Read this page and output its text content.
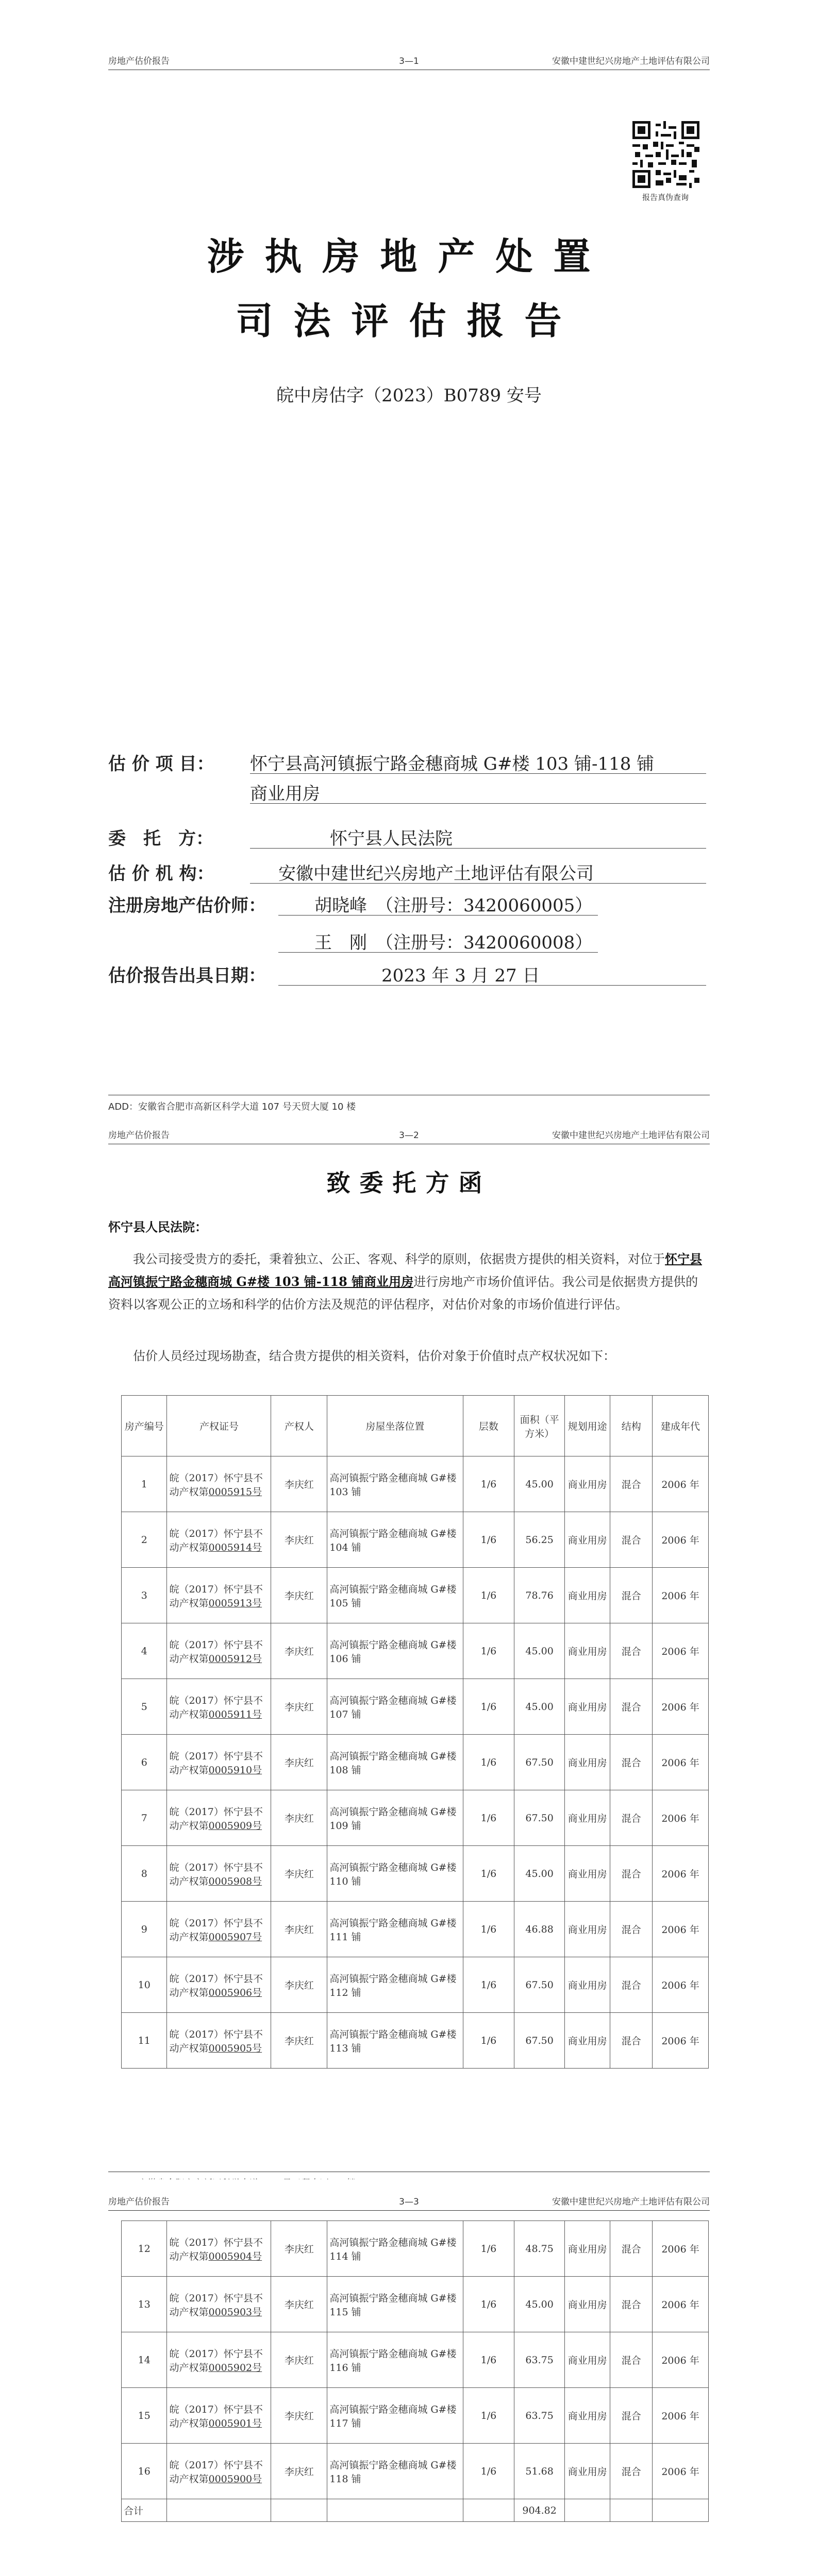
房地产估价报告	3—1	安徽中建世纪兴房地产土地评估有限公司
报告真伪查询
涉执房地产处置
司法评估报告
皖中房估字（2023）B0789 安号
估 价 项 目： 怀宁县高河镇振宁路金穗商城 G#楼 103 铺-118 铺
商业用房
委　托　方：	怀宁县人民法院
估 价 机 构：	安徽中建世纪兴房地产土地评估有限公司
注册房地产估价师：	胡晓峰　（注册号：3420060005）
王　刚　（注册号：3420060008）
估价报告出具日期：	2023 年 3 月 27 日
ADD：安徽省合肥市高新区科学大道 107 号天贸大厦 10 楼
房地产估价报告	3—2	安徽中建世纪兴房地产土地评估有限公司
致委托方函
怀宁县人民法院：
我公司接受贵方的委托，秉着独立、公正、客观、科学的原则，依据贵方提供的相关资料，对位于怀宁县高河镇振宁路金穗商城 G#楼 103 铺-118 铺商业用房进行房地产市场价值评估。我公司是依据贵方提供的资料以客观公正的立场和科学的估价方法及规范的评估程序，对估价对象的市场价值进行评估。
估价人员经过现场勘查，结合贵方提供的相关资料，估价对象于价值时点产权状况如下：
房产编号	产权证号	产权人	房屋坐落位置	层数	面积（平方米）	规划用途	结构	建成年代
1	皖（2017）怀宁县不动产权第0005915号	李庆红	高河镇振宁路金穗商城 G#楼 103 铺	1/6	45.00	商业用房	混合	2006 年
2	皖（2017）怀宁县不动产权第0005914号	李庆红	高河镇振宁路金穗商城 G#楼 104 铺	1/6	56.25	商业用房	混合	2006 年
3	皖（2017）怀宁县不动产权第0005913号	李庆红	高河镇振宁路金穗商城 G#楼 105 铺	1/6	78.76	商业用房	混合	2006 年
4	皖（2017）怀宁县不动产权第0005912号	李庆红	高河镇振宁路金穗商城 G#楼 106 铺	1/6	45.00	商业用房	混合	2006 年
5	皖（2017）怀宁县不动产权第0005911号	李庆红	高河镇振宁路金穗商城 G#楼 107 铺	1/6	45.00	商业用房	混合	2006 年
6	皖（2017）怀宁县不动产权第0005910号	李庆红	高河镇振宁路金穗商城 G#楼 108 铺	1/6	67.50	商业用房	混合	2006 年
7	皖（2017）怀宁县不动产权第0005909号	李庆红	高河镇振宁路金穗商城 G#楼 109 铺	1/6	67.50	商业用房	混合	2006 年
8	皖（2017）怀宁县不动产权第0005908号	李庆红	高河镇振宁路金穗商城 G#楼 110 铺	1/6	45.00	商业用房	混合	2006 年
9	皖（2017）怀宁县不动产权第0005907号	李庆红	高河镇振宁路金穗商城 G#楼 111 铺	1/6	46.88	商业用房	混合	2006 年
10	皖（2017）怀宁县不动产权第0005906号	李庆红	高河镇振宁路金穗商城 G#楼 112 铺	1/6	67.50	商业用房	混合	2006 年
11	皖（2017）怀宁县不动产权第0005905号	李庆红	高河镇振宁路金穗商城 G#楼 113 铺	1/6	67.50	商业用房	混合	2006 年
房地产估价报告	3—3	安徽中建世纪兴房地产土地评估有限公司
12	皖（2017）怀宁县不动产权第0005904号	李庆红	高河镇振宁路金穗商城 G#楼 114 铺	1/6	48.75	商业用房	混合	2006 年
13	皖（2017）怀宁县不动产权第0005903号	李庆红	高河镇振宁路金穗商城 G#楼 115 铺	1/6	45.00	商业用房	混合	2006 年
14	皖（2017）怀宁县不动产权第0005902号	李庆红	高河镇振宁路金穗商城 G#楼 116 铺	1/6	63.75	商业用房	混合	2006 年
15	皖（2017）怀宁县不动产权第0005901号	李庆红	高河镇振宁路金穗商城 G#楼 117 铺	1/6	63.75	商业用房	混合	2006 年
16	皖（2017）怀宁县不动产权第0005900号	李庆红	高河镇振宁路金穗商城 G#楼 118 铺	1/6	51.68	商业用房	混合	2006 年
合计					904.82			
